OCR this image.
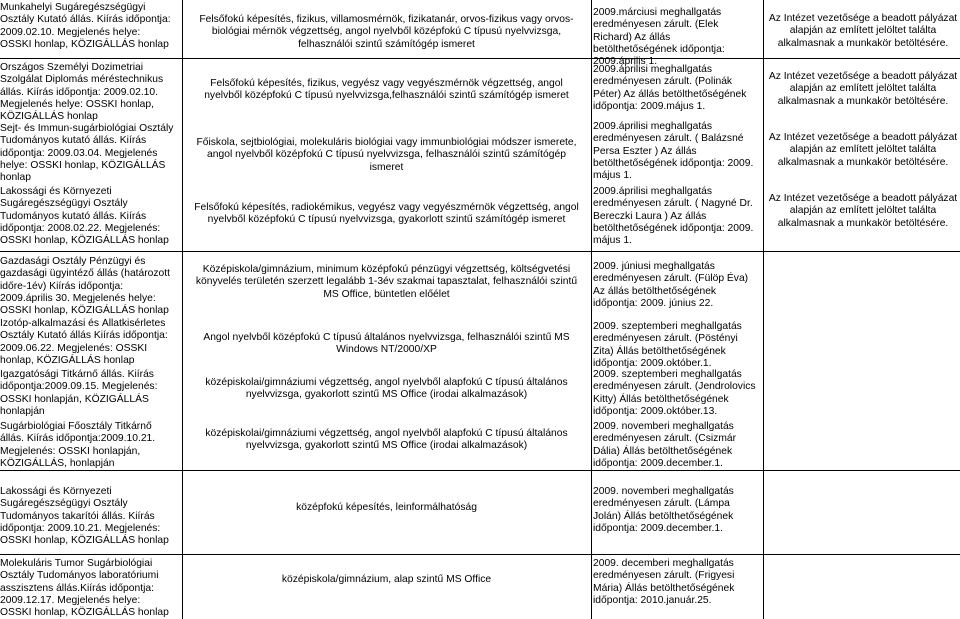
Munkahelyi Sugáregészségügyi Osztály Kutató állás. Kiírás időpontja: 2009.02.10. Megjelenés helye: OSSKI honlap, KÖZIGÁLLÁS honlap
Felsőfokú képesítés, fizikus, villamosmérnök, fizikatanár, orvos-fizikus vagy orvos-biológiai mérnök végzettség, angol nyelvből középfokú C típusú nyelvvizsga, felhasználói szintű számítógép ismeret
2009.márciusi meghallgatás eredményesen zárult. (Elek Richard) Az állás betölthetőségének időpontja: 2009.április 1.
Az Intézet vezetősége a beadott pályázat alapján az említett jelöltet találta alkalmasnak a munkakör betöltésére.
Országos Személyi Dozimetriai Szolgálat Diplomás méréstechnikus állás. Kiírás időpontja: 2009.02.10. Megjelenés helye: OSSKI honlap, KÖZIGÁLLÁS honlap
Felsőfokú képesítés, fizikus, vegyész vagy vegyészmérnök végzettség, angol nyelvből középfokú C típusú nyelvvizsga,felhasználói szintű számítógép ismeret
2009.áprilisi meghallgatás eredményesen zárult. (Polinák Péter) Az állás betölthetőségének időpontja: 2009.május 1.
Az Intézet vezetősége a beadott pályázat alapján az említett jelöltet találta alkalmasnak a munkakör betöltésére.
Sejt- és Immun-sugárbiológiai Osztály Tudományos kutató állás. Kiírás időpontja: 2009.03.04. Megjelenés helye: OSSKI honlap, KÖZIGÁLLÁS honlap
Főiskola, sejtbiológiai, molekuláris biológiai vagy immunbiológiai módszer ismerete, angol nyelvből középfokú C típusú nyelvvizsga, felhasználói szintű számítógép ismeret
2009.áprilisi meghallgatás eredményesen zárult. ( Balázsné Persa Eszter ) Az állás betölthetőségének időpontja: 2009. május 1.
Az Intézet vezetősége a beadott pályázat alapján az említett jelöltet találta alkalmasnak a munkakör betöltésére.
Lakossági és Környezeti Sugáregészségügyi Osztály Tudományos kutató állás. Kiírás időpontja: 2008.02.22. Megjelenés: OSSKI honlap, KÖZIGÁLLÁS honlap
Felsőfokú képesítés, radiokémikus, vegyész vagy vegyészmérnök végzettség, angol nyelvből középfokú C típusú nyelvvizsga, gyakorlott szintű számítógép ismeret
2009.áprilisi meghallgatás eredményesen zárult. ( Nagyné Dr. Bereczki Laura ) Az állás betölthetőségének időpontja: 2009. május 1.
Az Intézet vezetősége a beadott pályázat alapján az említett jelöltet találta alkalmasnak a munkakör betöltésére.
Gazdasági Osztály Pénzügyi és gazdasági ügyintéző állás (határozott időre-1év) Kiírás időpontja: 2009.április 30. Megjelenés helye: OSSKI honlap, KÖZIGÁLLÁS honlap
Középiskola/gimnázium, minimum középfokú pénzügyi végzettség, költségvetési könyvelés területén szerzett legalább 1-3év szakmai tapasztalat, felhasználói szintű MS Office, büntetlen előélet
2009. júniusi meghallgatás eredményesen zárult. (Fülöp Éva) Az állás betölthetőségének időpontja: 2009. június 22.
Izotóp-alkalmazási és Állatkisérletes Osztály Kutató állás Kiírás időpontja: 2009.06.22. Megjelenés: OSSKI honlap, KÖZIGÁLLÁS honlap
Angol nyelvből középfokú C típusú általános nyelvvizsga, felhasználói szintű MS Windows NT/2000/XP
2009. szeptemberi meghallgatás eredményesen zárult. (Pöstényi Zita) Állás betölthetőségének időpontja: 2009.október.1.
Igazgatósági Titkárnő állás. Kiírás időpontja:2009.09.15. Megjelenés: OSSKI honlapján, KÖZIGÁLLÁS honlapján
középiskolai/gimnáziumi végzettség, angol nyelvből alapfokú C típusú általános nyelvvizsga, gyakorlott szintű MS Office (irodai alkalmazások)
2009. szeptemberi meghallgatás eredményesen zárult. (Jendrolovics Kitty) Állás betölthetőségének időpontja: 2009.október.13.
Sugárbiológiai Főosztály Titkárnő állás. Kiírás időpontja:2009.10.21. Megjelenés: OSSKI honlapján, KÖZIGÁLLÁS, honlapján
középiskolai/gimnáziumi végzettség, angol nyelvből alapfokú C típusú általános nyelvvizsga, gyakorlott szintű MS Office (irodai alkalmazások)
2009. novemberi meghallgatás eredményesen zárult. (Csizmár Dália) Állás betölthetőségének időpontja: 2009.december.1.
Lakossági és Környezeti Sugáregészségügyi Osztály Tudományos takarítói állás. Kiírás időpontja: 2009.10.21. Megjelenés: OSSKI honlap, KÖZIGÁLLÁS honlap
középfokú képesítés, leinformálhatóság
2009. novemberi meghallgatás eredményesen zárult. (Lámpa Jolán) Állás betölthetőségének időpontja: 2009.december.1.
Molekuláris Tumor Sugárbiológiai Osztály Tudományos laboratóriumi asszisztens állás.Kiírás időpontja: 2009.12.17. Megjelenés helye: OSSKI honlap, KÖZIGÁLLÁS honlap
középiskola/gimnázium, alap szintű MS Office
2009. decemberi meghallgatás eredményesen zárult. (Frigyesi Mária) Állás betölthetőségének időpontja: 2010.január.25.
